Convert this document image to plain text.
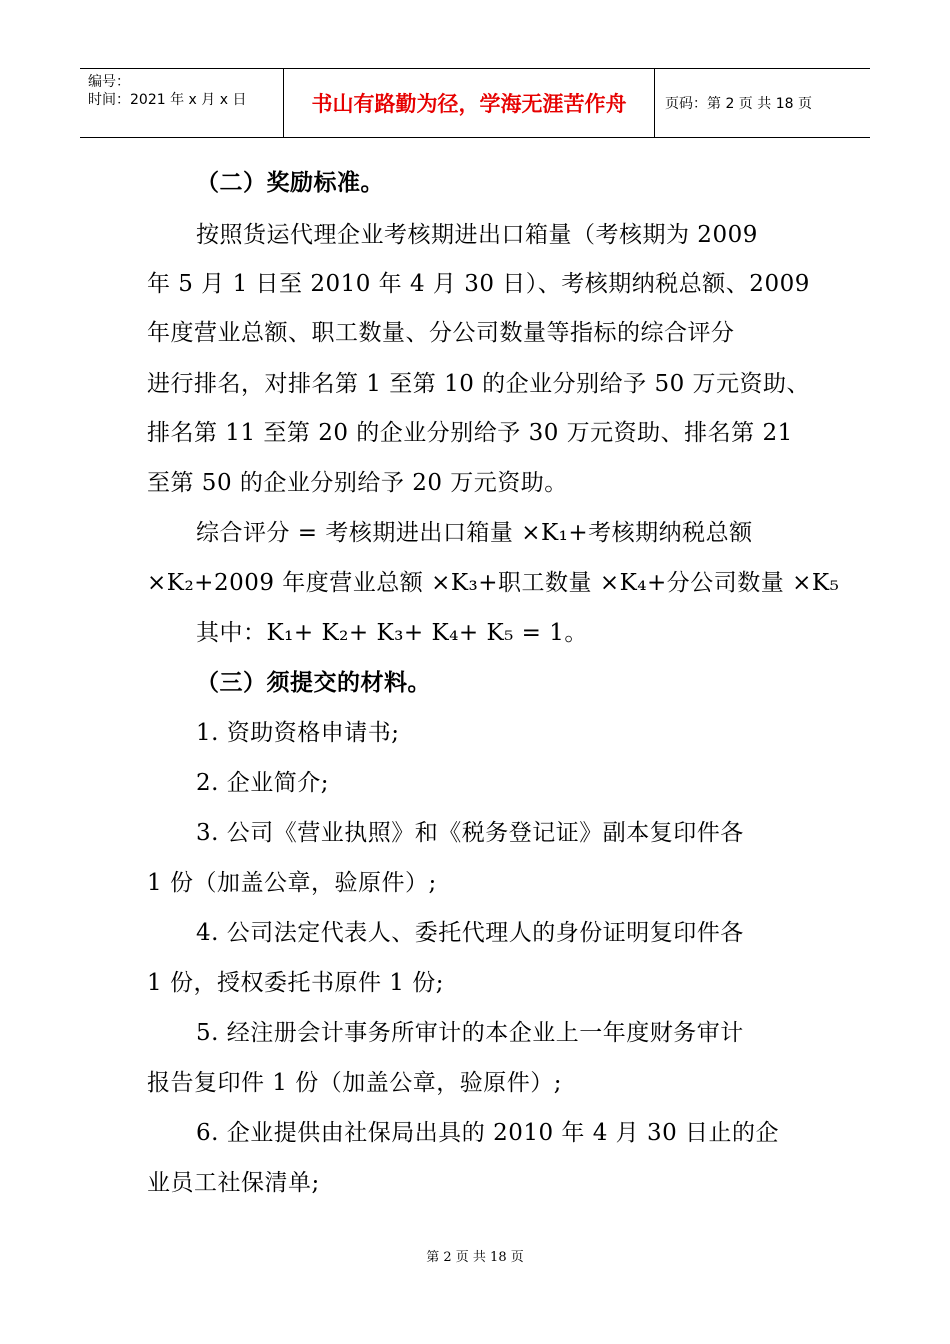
编号：
时间：2021 年 x 月 x 日	书山有路勤为径，学海无涯苦作舟	页码：第 2 页 共 18 页
（二）奖励标准。
按照货运代理企业考核期进出口箱量（考核期为 2009
年 5 月 1 日至 2010 年 4 月 30 日）、考核期纳税总额、2009
年度营业总额、职工数量、分公司数量等指标的综合评分
进行排名，对排名第 1 至第 10 的企业分别给予 50 万元资助、
排名第 11 至第 20 的企业分别给予 30 万元资助、排名第 21
至第 50 的企业分别给予 20 万元资助。
综合评分 = 考核期进出口箱量 ×K₁+考核期纳税总额
×K₂+2009 年度营业总额 ×K₃+职工数量 ×K₄+分公司数量 ×K₅
其中：K₁+ K₂+ K₃+ K₄+ K₅ = 1。
（三）须提交的材料。
1. 资助资格申请书;
2. 企业简介;
3. 公司《营业执照》和《税务登记证》副本复印件各
1 份（加盖公章，验原件）;
4. 公司法定代表人、委托代理人的身份证明复印件各
1 份，授权委托书原件 1 份;
5. 经注册会计事务所审计的本企业上一年度财务审计
报告复印件 1 份（加盖公章，验原件）;
6. 企业提供由社保局出具的 2010 年 4 月 30 日止的企
业员工社保清单;
第 2 页 共 18 页
